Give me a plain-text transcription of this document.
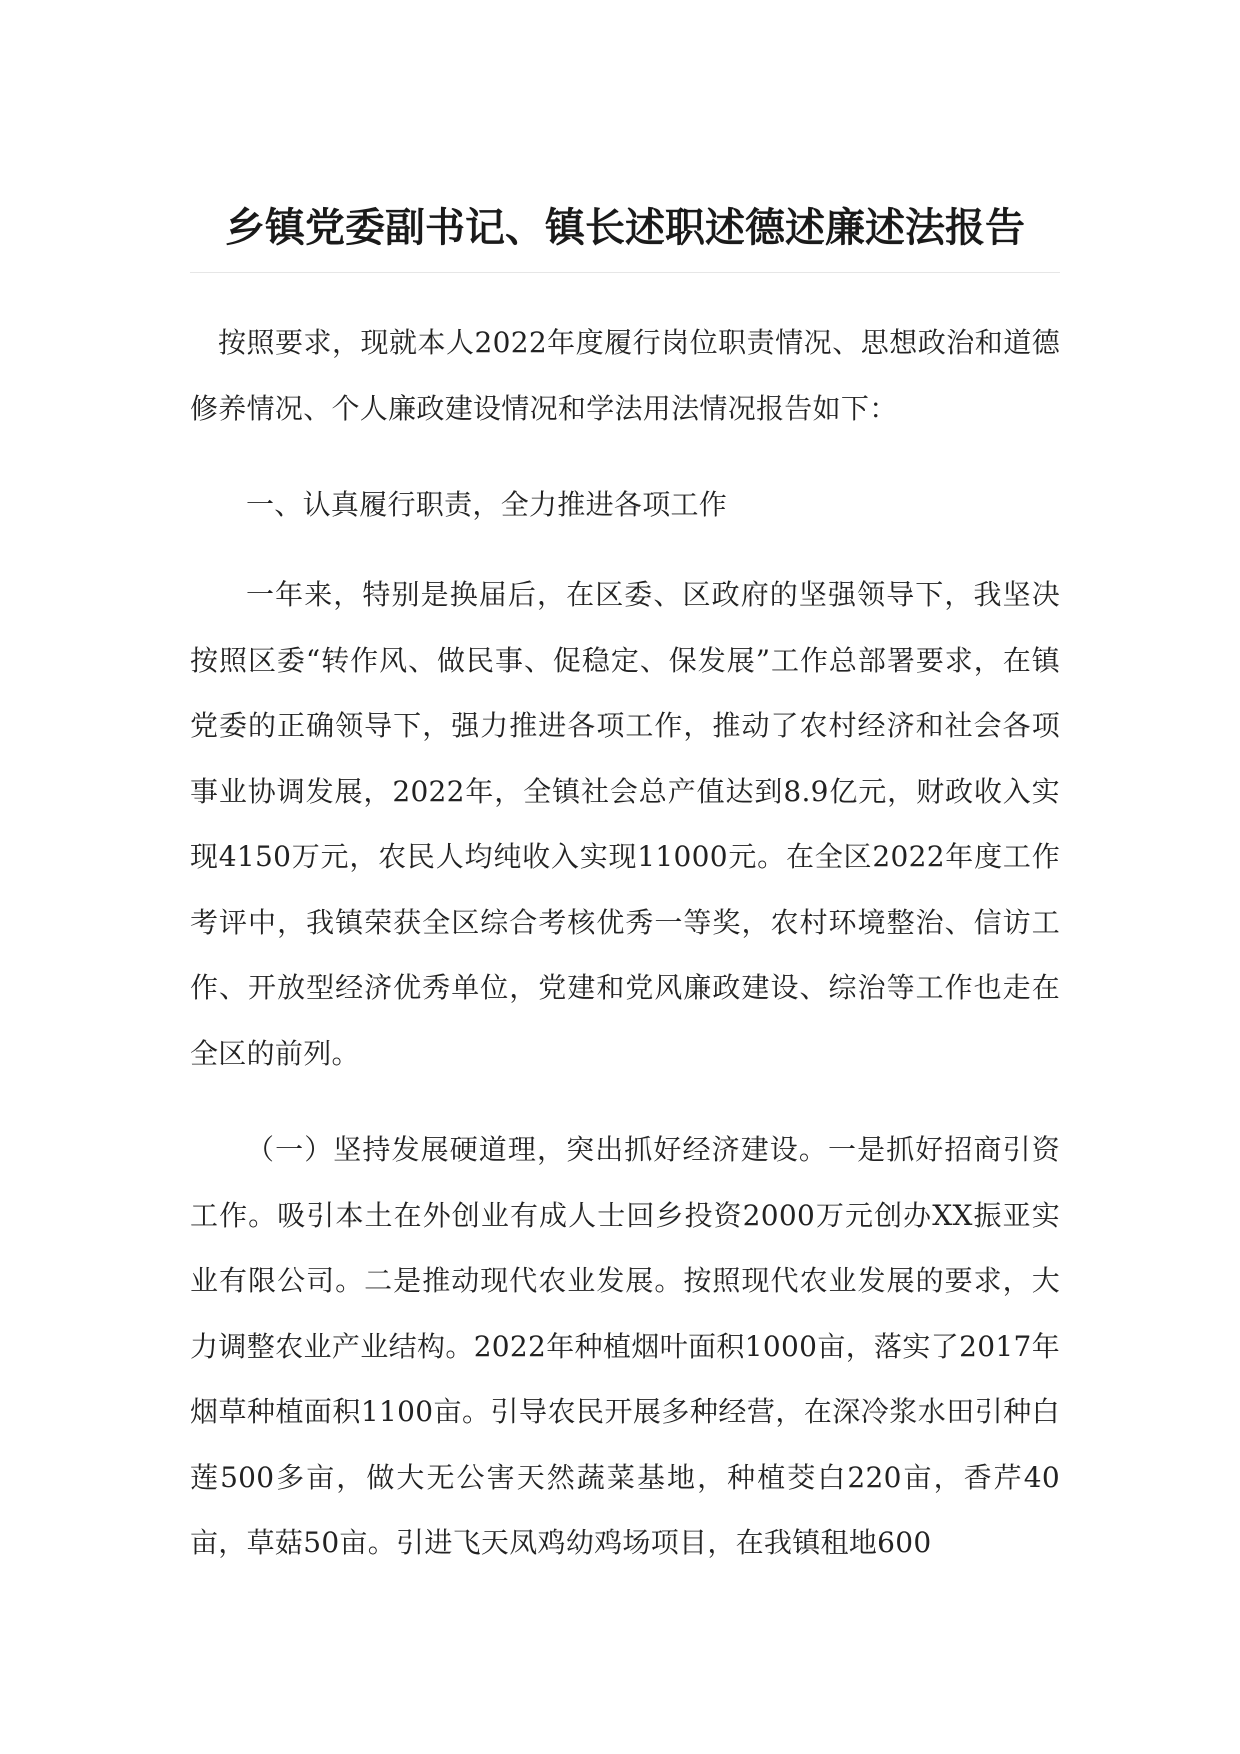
乡镇党委副书记、镇长述职述德述廉述法报告

按照要求，现就本人2022年度履行岗位职责情况、思想政治和道德修养情况、个人廉政建设情况和学法用法情况报告如下：

一、认真履行职责，全力推进各项工作

一年来，特别是换届后，在区委、区政府的坚强领导下，我坚决按照区委“转作风、做民事、促稳定、保发展”工作总部署要求，在镇党委的正确领导下，强力推进各项工作，推动了农村经济和社会各项事业协调发展，2022年，全镇社会总产值达到8.9亿元，财政收入实现4150万元，农民人均纯收入实现11000元。在全区2022年度工作考评中，我镇荣获全区综合考核优秀一等奖，农村环境整治、信访工作、开放型经济优秀单位，党建和党风廉政建设、综治等工作也走在全区的前列。

（一）坚持发展硬道理，突出抓好经济建设。一是抓好招商引资工作。吸引本土在外创业有成人士回乡投资2000万元创办XX振亚实业有限公司。二是推动现代农业发展。按照现代农业发展的要求，大力调整农业产业结构。2022年种植烟叶面积1000亩，落实了2017年烟草种植面积1100亩。引导农民开展多种经营，在深冷浆水田引种白莲500多亩，做大无公害天然蔬菜基地，种植茭白220亩，香芹40亩，草菇50亩。引进飞天凤鸡幼鸡场项目，在我镇租地600
